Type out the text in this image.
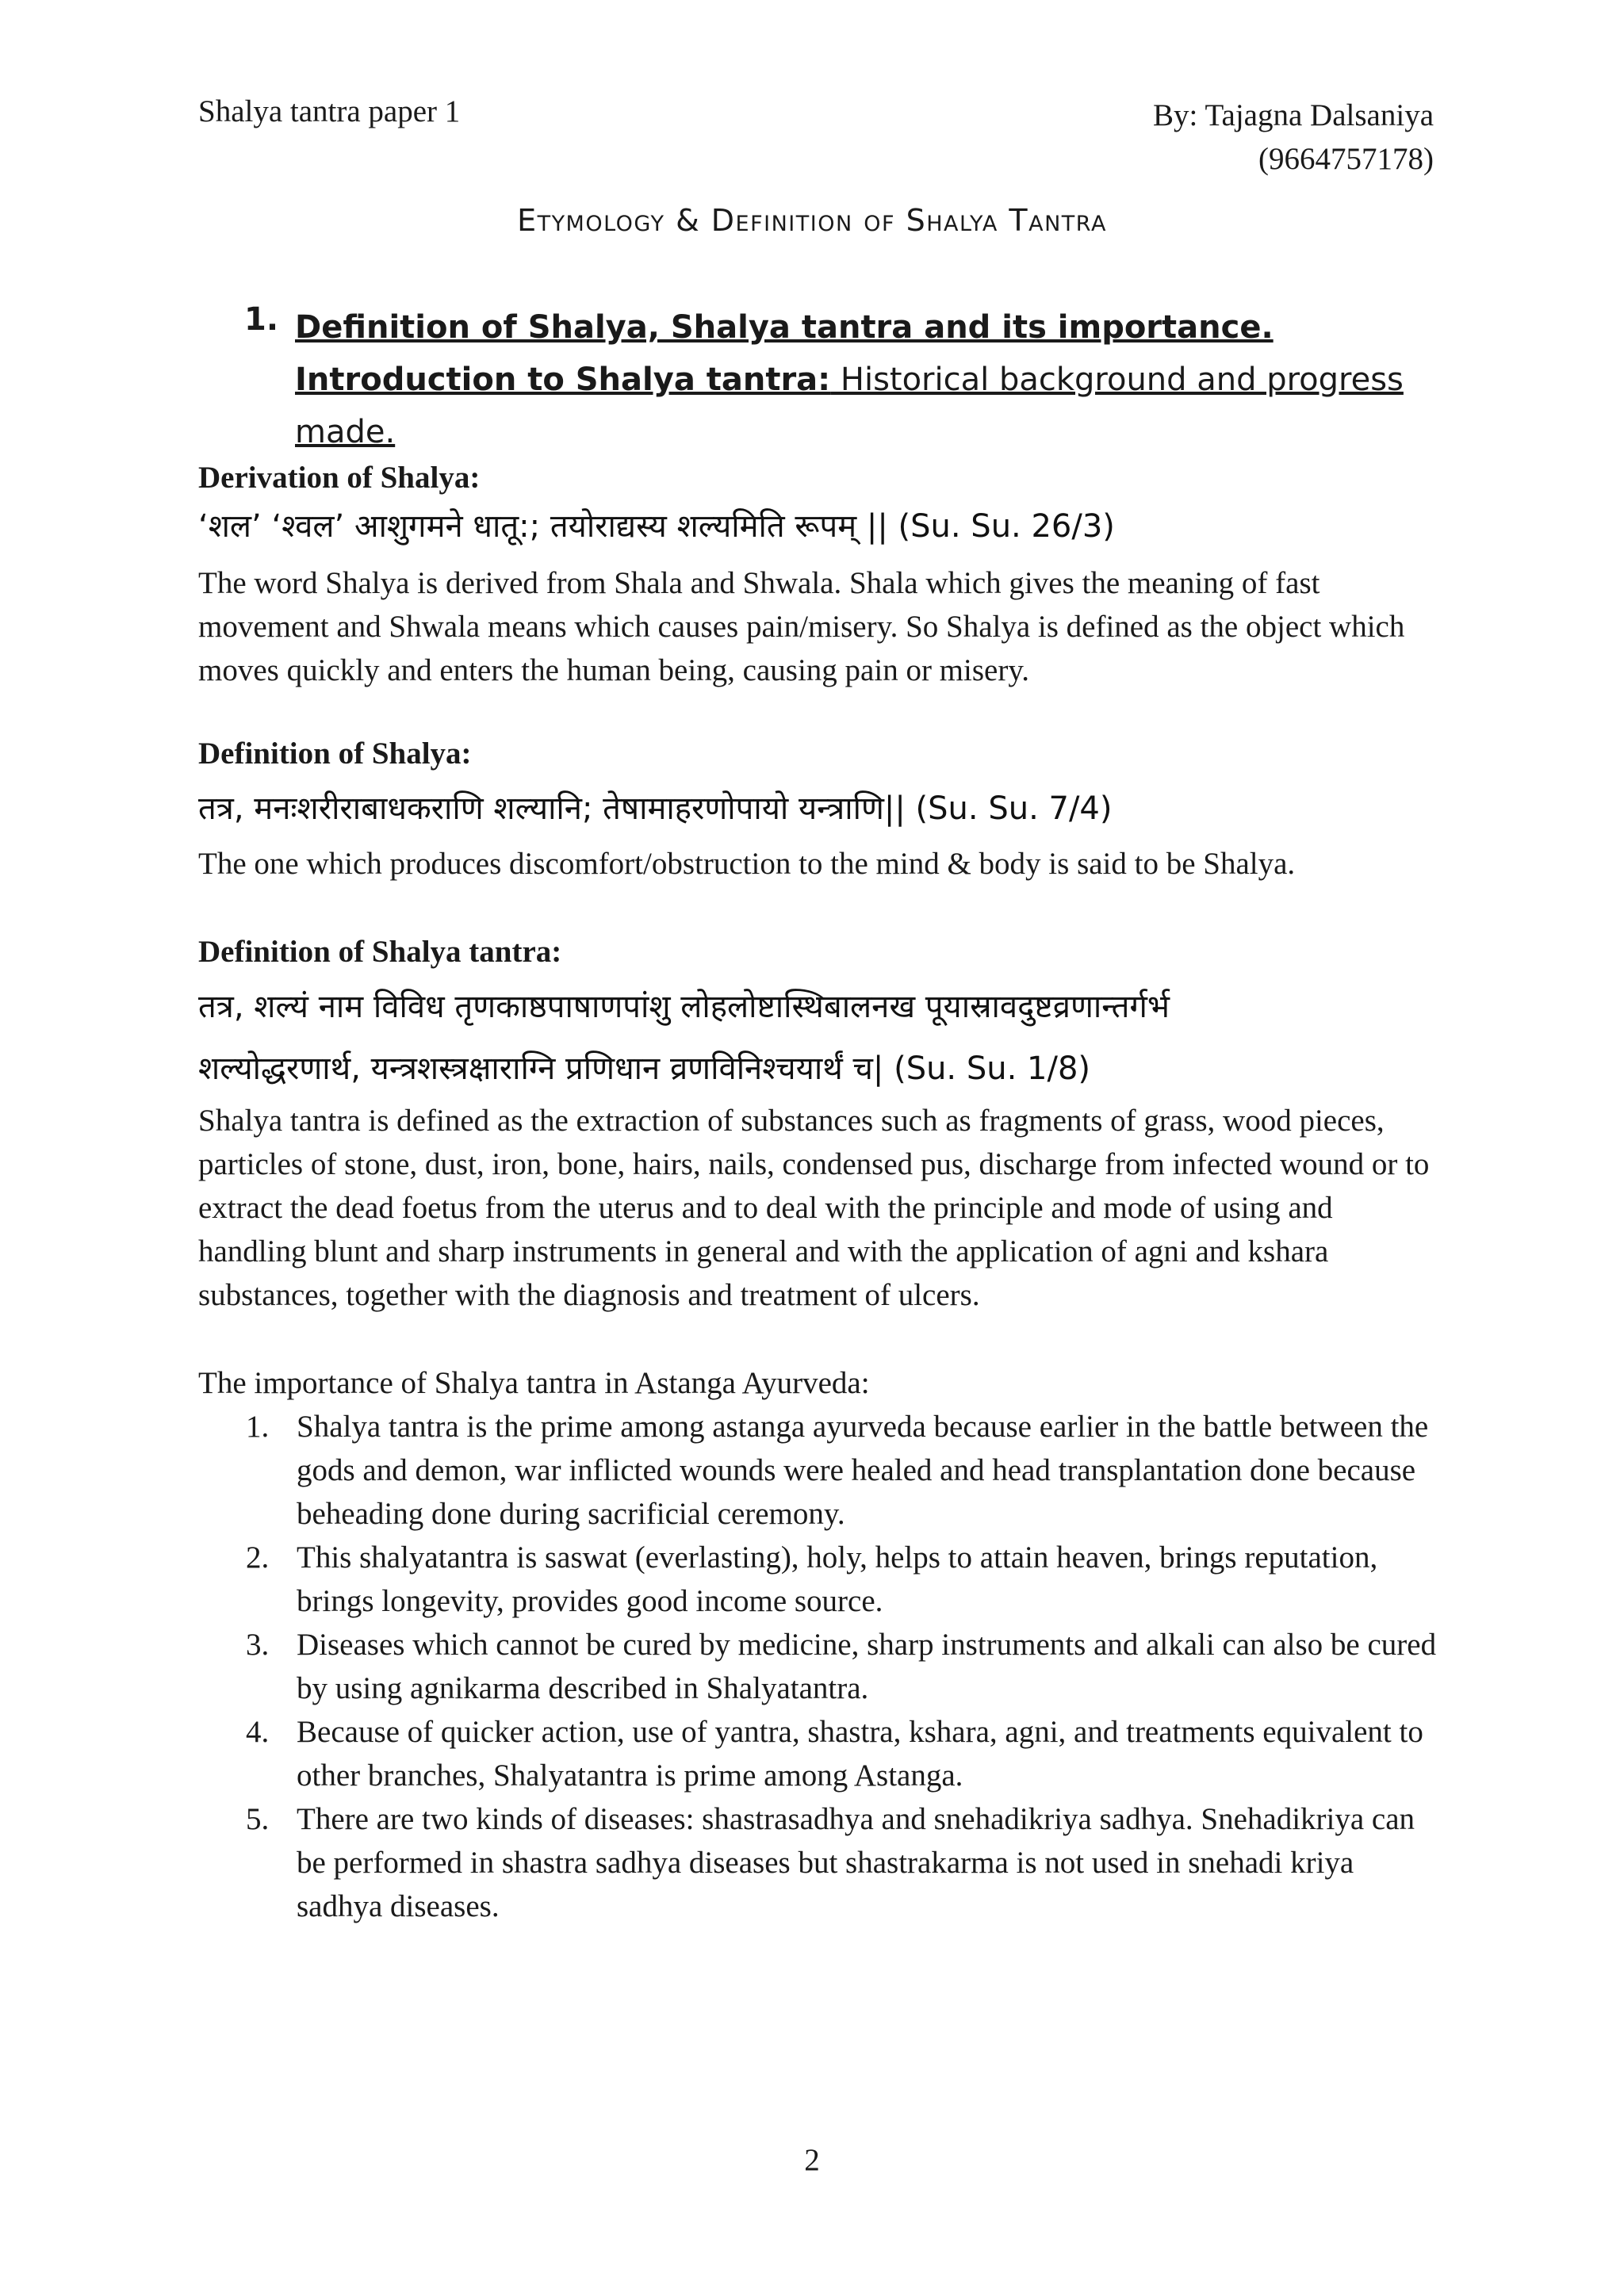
Shalya tantra paper 1	By: Tajagna Dalsaniya
(9664757178)
Etymology & Definition of Shalya Tantra
1. Definition of Shalya, Shalya tantra and its importance. Introduction to Shalya tantra: Historical background and progress made.
Derivation of Shalya:
‘शल’ ‘श्वल’ आशुगमने धातू:; तयोराद्यस्य शल्यमिति रूपम् || (Su. Su. 26/3)
The word Shalya is derived from Shala and Shwala. Shala which gives the meaning of fast movement and Shwala means which causes pain/misery. So Shalya is defined as the object which moves quickly and enters the human being, causing pain or misery.
Definition of Shalya:
तत्र, मनःशरीराबाधकराणि शल्यानि; तेषामाहरणोपायो यन्त्राणि|| (Su. Su. 7/4)
The one which produces discomfort/obstruction to the mind & body is said to be Shalya.
Definition of Shalya tantra:
तत्र, शल्यं नाम विविध तृणकाष्ठपाषाणपांशु लोहलोष्टास्थिबालनख पूयास्रावदुष्टव्रणान्तर्गर्भ
शल्योद्धरणार्थ, यन्त्रशस्त्रक्षाराग्नि प्रणिधान व्रणविनिश्चयार्थं च| (Su. Su. 1/8)
Shalya tantra is defined as the extraction of substances such as fragments of grass, wood pieces, particles of stone, dust, iron, bone, hairs, nails, condensed pus, discharge from infected wound or to extract the dead foetus from the uterus and to deal with the principle and mode of using and handling blunt and sharp instruments in general and with the application of agni and kshara substances, together with the diagnosis and treatment of ulcers.
The importance of Shalya tantra in Astanga Ayurveda:
1. Shalya tantra is the prime among astanga ayurveda because earlier in the battle between the gods and demon, war inflicted wounds were healed and head transplantation done because beheading done during sacrificial ceremony.
2. This shalyatantra is saswat (everlasting), holy, helps to attain heaven, brings reputation, brings longevity, provides good income source.
3. Diseases which cannot be cured by medicine, sharp instruments and alkali can also be cured by using agnikarma described in Shalyatantra.
4. Because of quicker action, use of yantra, shastra, kshara, agni, and treatments equivalent to other branches, Shalyatantra is prime among Astanga.
5. There are two kinds of diseases: shastrasadhya and snehadikriya sadhya. Snehadikriya can be performed in shastra sadhya diseases but shastrakarma is not used in snehadi kriya sadhya diseases.
2
